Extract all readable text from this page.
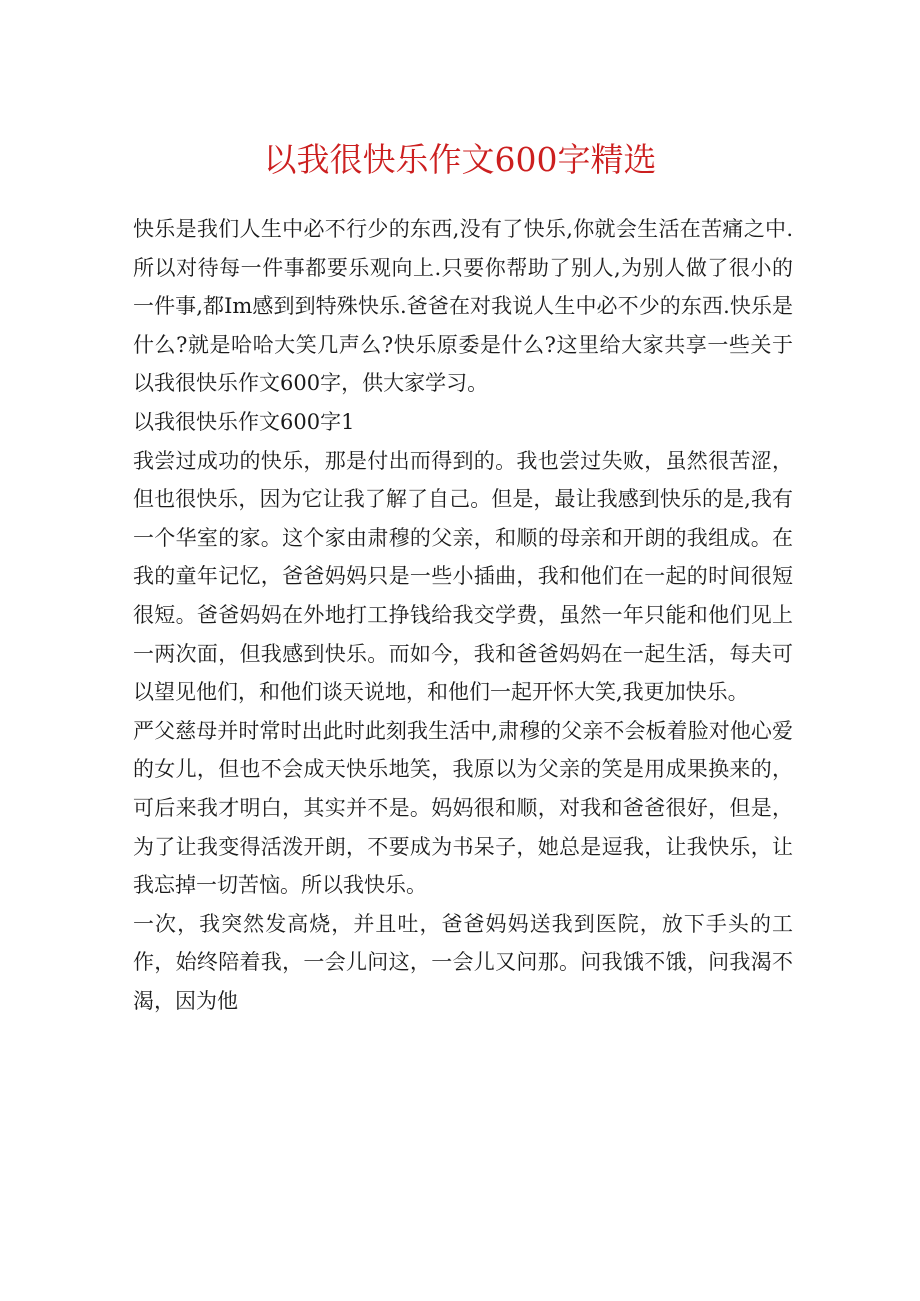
以我很快乐作文600字精选

快乐是我们人生中必不行少的东西,没有了快乐,你就会生活在苦痛之中.所以对待每一件事都要乐观向上.只要你帮助了别人,为别人做了很小的一件事,都Im感到到特殊快乐.爸爸在对我说人生中必不少的东西.快乐是什么?就是哈哈大笑几声么?快乐原委是什么?这里给大家共享一些关于以我很快乐作文600字，供大家学习。

以我很快乐作文600字1

我尝过成功的快乐，那是付出而得到的。我也尝过失败，虽然很苦涩，但也很快乐，因为它让我了解了自己。但是，最让我感到快乐的是,我有一个华室的家。这个家由肃穆的父亲，和顺的母亲和开朗的我组成。在我的童年记忆，爸爸妈妈只是一些小插曲，我和他们在一起的时间很短很短。爸爸妈妈在外地打工挣钱给我交学费，虽然一年只能和他们见上一两次面，但我感到快乐。而如今，我和爸爸妈妈在一起生活，每夫可以望见他们，和他们谈天说地，和他们一起开怀大笑,我更加快乐。

严父慈母并时常时出此时此刻我生活中,肃穆的父亲不会板着脸对他心爱的女儿，但也不会成天快乐地笑，我原以为父亲的笑是用成果换来的，可后来我才明白，其实并不是。妈妈很和顺，对我和爸爸很好，但是，为了让我变得活泼开朗，不要成为书呆子，她总是逗我，让我快乐，让我忘掉一切苦恼。所以我快乐。

一次，我突然发高烧，并且吐，爸爸妈妈送我到医院，放下手头的工作，始终陪着我，一会儿问这，一会儿又问那。问我饿不饿，问我渴不渴，因为他
